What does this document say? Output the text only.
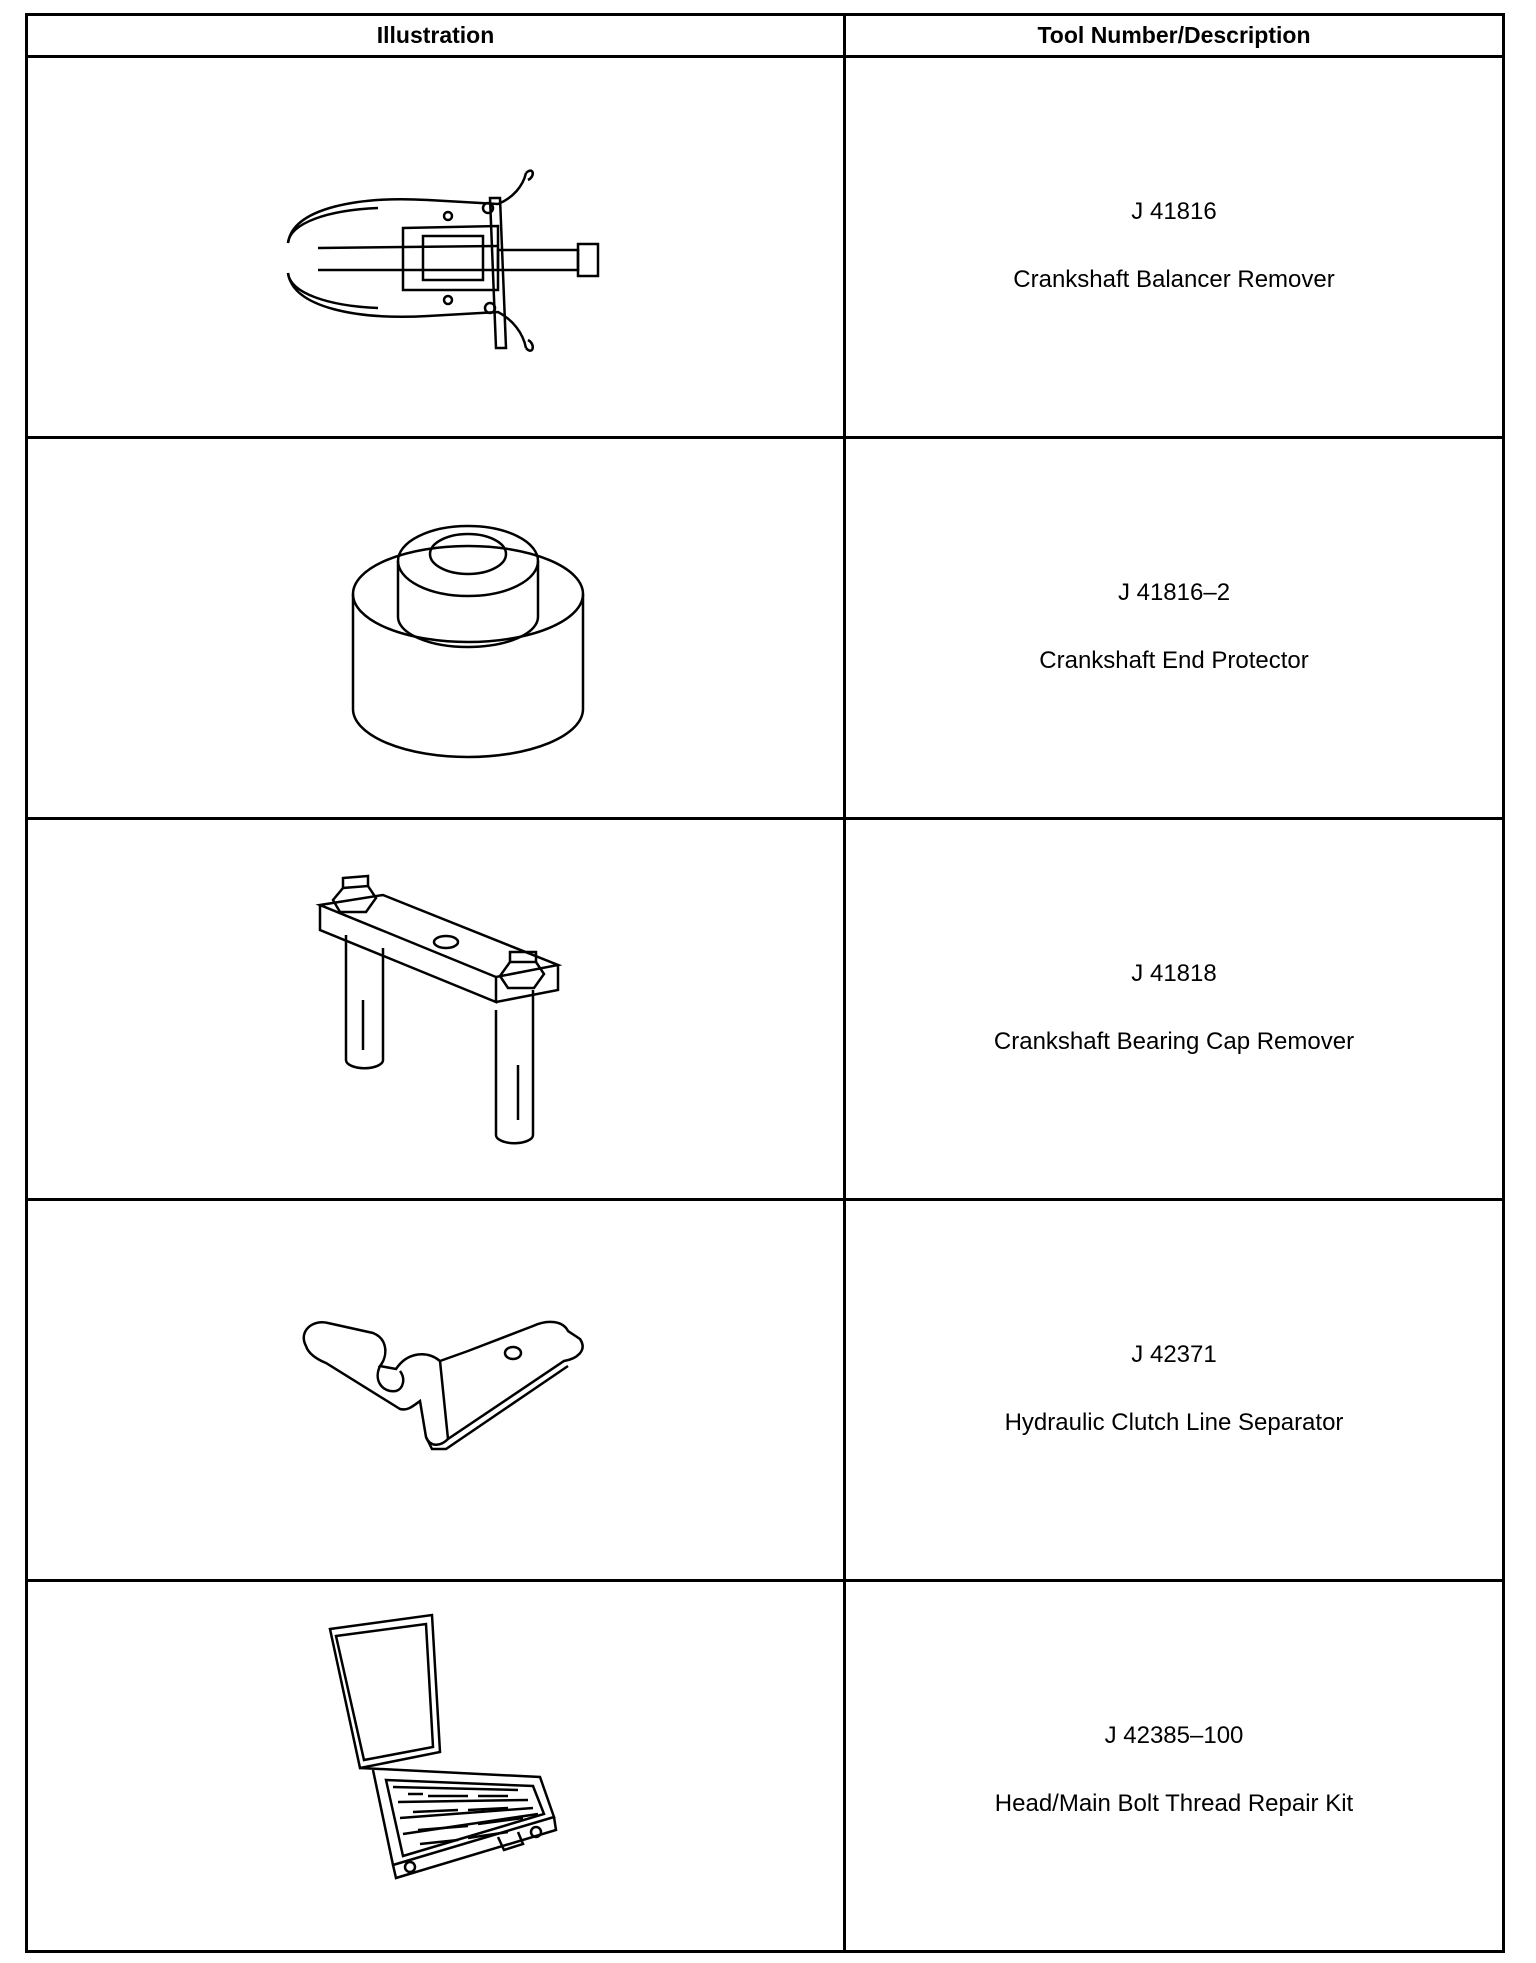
Illustration	Tool Number/Description
J 41816
Crankshaft Balancer Remover
J 41816–2
Crankshaft End Protector
J 41818
Crankshaft Bearing Cap Remover
J 42371
Hydraulic Clutch Line Separator
J 42385–100
Head/Main Bolt Thread Repair Kit
